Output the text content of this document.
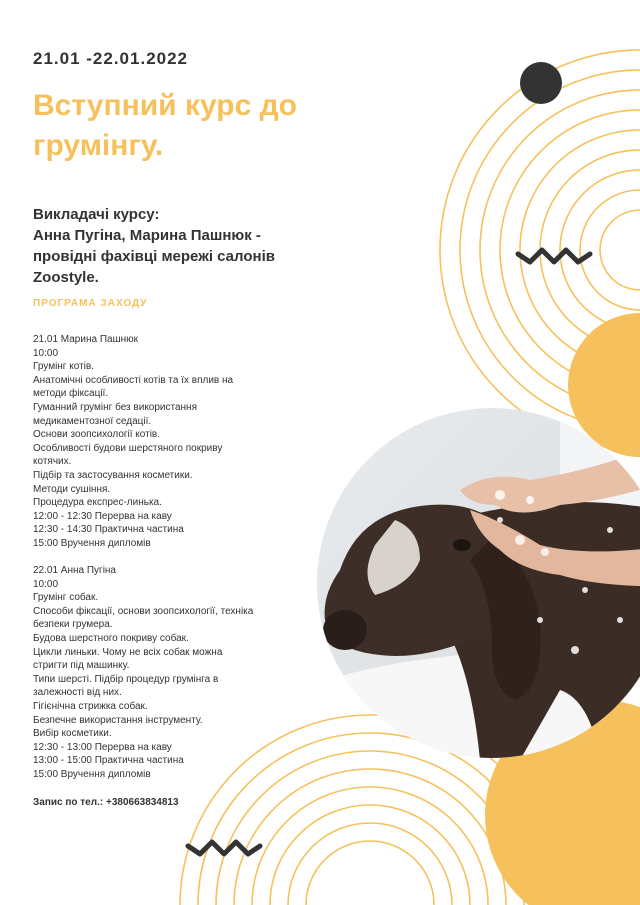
21.01 -22.01.2022
Вступний курс до грумінгу.
Викладачі курсу:
Анна Пугіна, Марина Пашнюк -
провідні фахівці мережі салонів
Zoostyle.
ПРОГРАМА ЗАХОДУ
21.01 Марина Пашнюк
10:00
Грумінг котів.
Анатомічні особливості котів та їх вплив на
методи фіксації.
Гуманний грумінг без використання
медикаментозної седації.
Основи зоопсихології котів.
Особливості будови шерстяного покриву
котячих.
Підбір та застосування косметики.
Методи сушіння.
Процедура експрес-линька.
12:00 - 12:30 Перерва на каву
12:30 - 14:30 Практична частина
15:00 Вручення дипломів
22.01 Анна Пугіна
10:00
Грумінг собак.
Способи фіксації, основи зоопсихології, техніка
безпеки грумера.
Будова шерстного покриву собак.
Цикли линьки. Чому не всіх собак можна
стригти під машинку.
Типи шерсті. Підбір процедур грумінга в
залежності від них.
Гігієнічна стрижка собак.
Безпечне використання інструменту.
Вибір косметики.
12:30 - 13:00 Перерва на каву
13:00 - 15:00 Практична частина
15:00 Вручення дипломів
Запис по тел.: +380663834813
